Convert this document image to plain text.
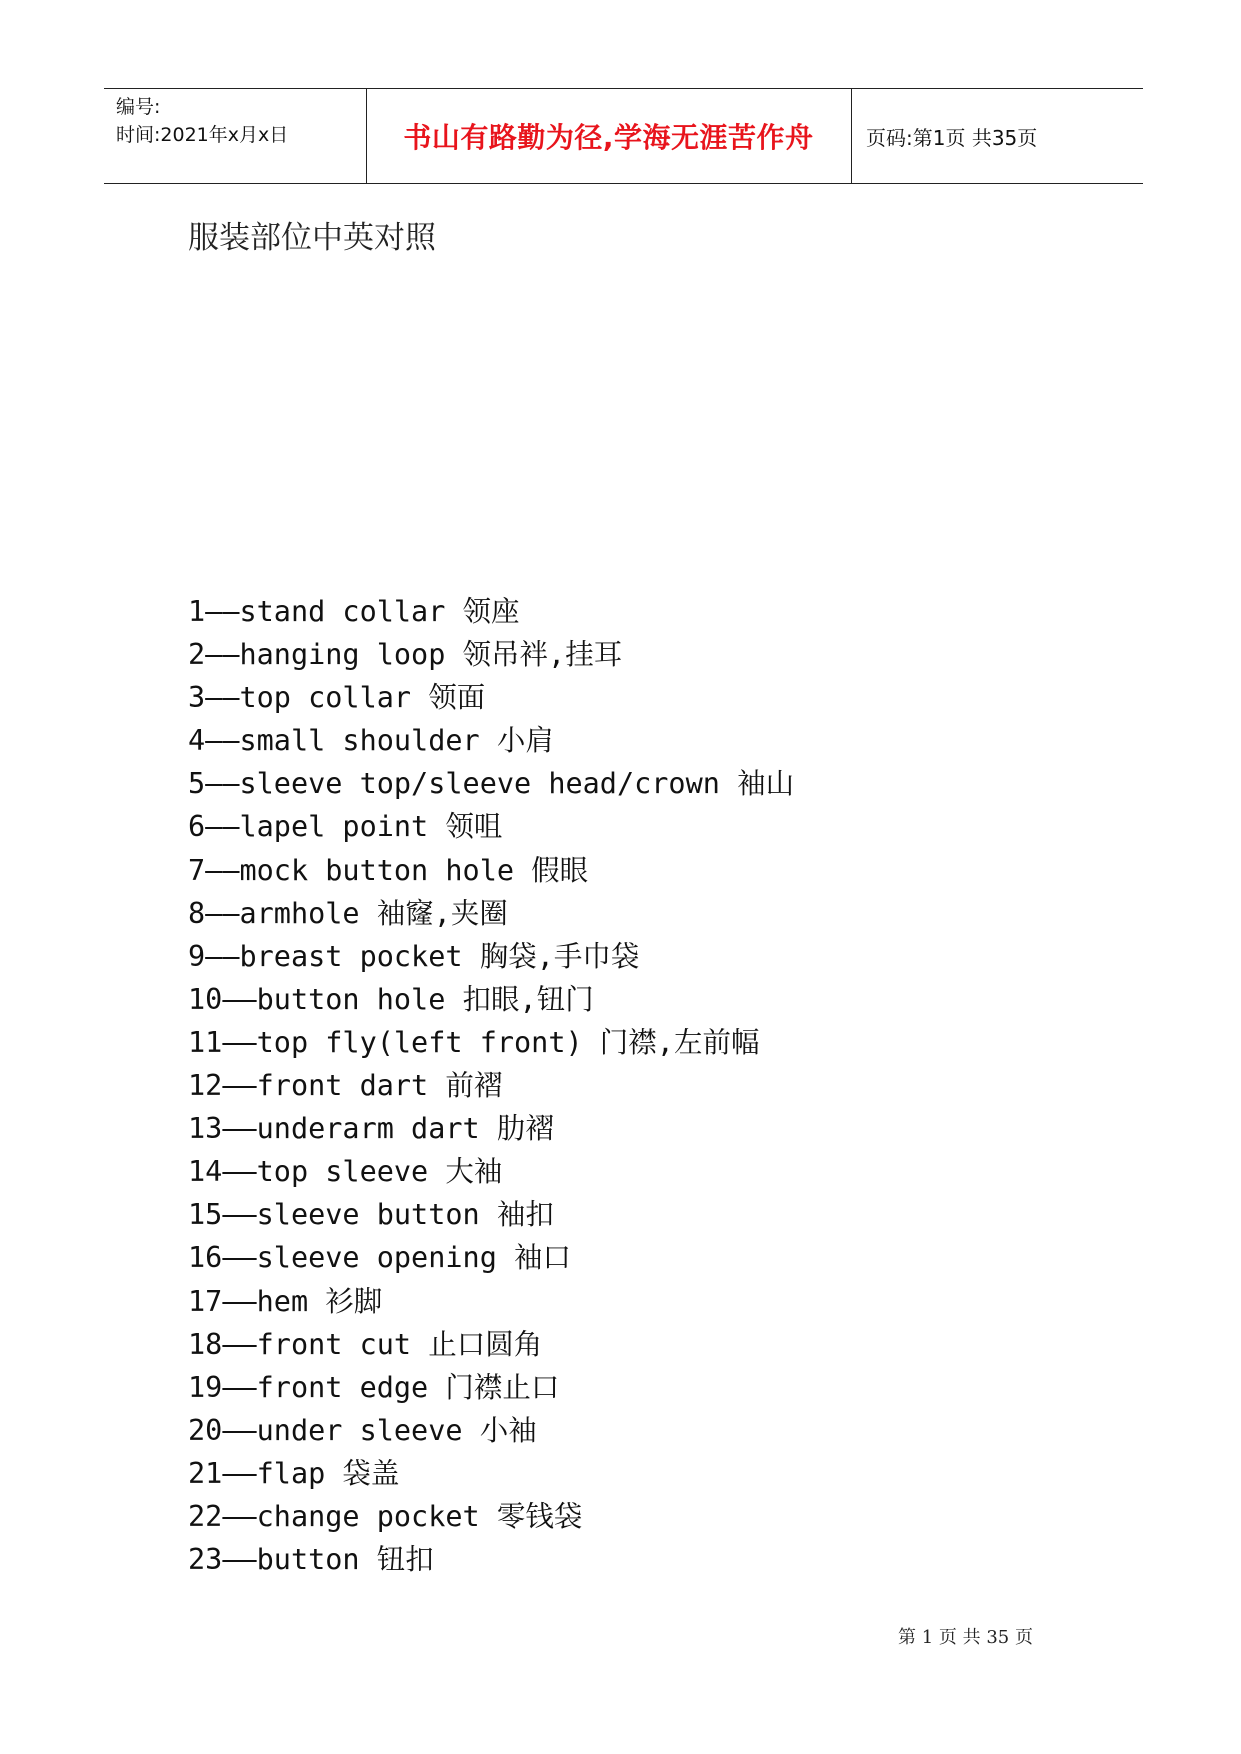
编号:
时间:2021年x月x日	书山有路勤为径,学海无涯苦作舟	页码:第1页 共35页
服装部位中英对照
1——stand collar 领座
2——hanging loop 领吊袢,挂耳
3——top collar 领面
4——small shoulder 小肩
5——sleeve top/sleeve head/crown 袖山
6——lapel point 领咀
7——mock button hole 假眼
8——armhole 袖窿,夹圈
9——breast pocket 胸袋,手巾袋
10——button hole 扣眼,钮门
11——top fly(left front) 门襟,左前幅
12——front dart 前褶
13——underarm dart 肋褶
14——top sleeve 大袖
15——sleeve button 袖扣
16——sleeve opening 袖口
17——hem 衫脚
18——front cut 止口圆角
19——front edge 门襟止口
20——under sleeve 小袖
21——flap 袋盖
22——change pocket 零钱袋
23——button 钮扣
第 1 页 共 35 页
